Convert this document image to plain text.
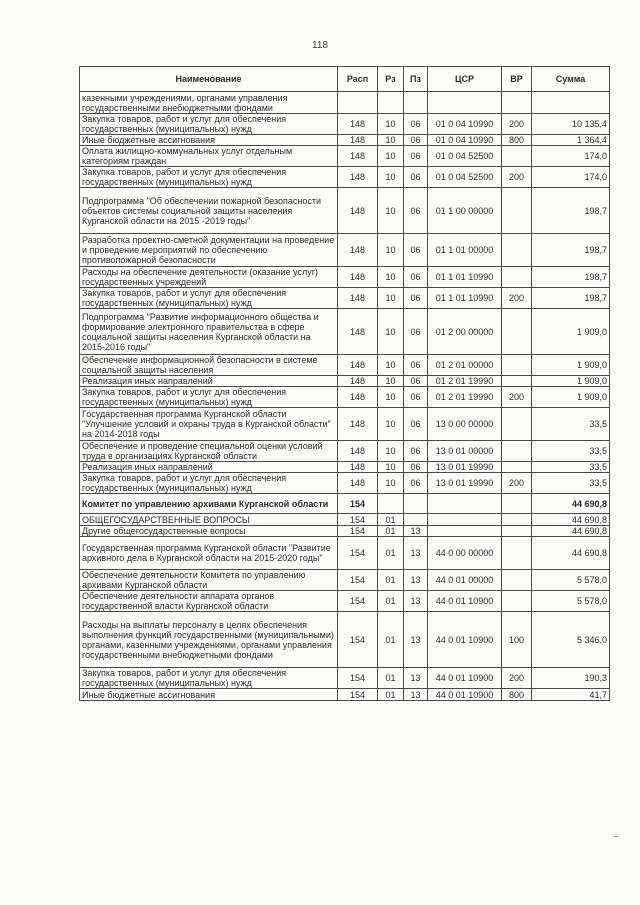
118
Наименование	Расп	Рз	Пз	ЦСР	ВР	Сумма
казенными учреждениями, органами управления государственными внебюджетными фондами						
Закупка товаров, работ и услуг для обеспечения государственных (муниципальных) нужд	148	10	06	01 0 04 10990	200	10 135,4
Иные бюджетные ассигнования	148	10	06	01 0 04 10990	800	1 364,4
Оплата жилищно-коммунальных услуг отдельным категориям граждан	148	10	06	01 0 04 52500		174,0
Закупка товаров, работ и услуг для обеспечения государственных (муниципальных) нужд	148	10	06	01 0 04 52500	200	174,0
Подпрограмма "Об обеспечении пожарной безопасности объектов системы социальной защиты населения Курганской области на 2015 -2019 годы"	148	10	06	01 1 00 00000		198,7
Разработка проектно-сметной документации на проведение и проведение мероприятий по обеспечению противопожарной безопасности	148	10	06	01 1 01 00000		198,7
Расходы на обеспечение деятельности (оказание услуг) государственных учреждений	148	10	06	01 1 01 10990		198,7
Закупка товаров, работ и услуг для обеспечения государственных (муниципальных) нужд	148	10	06	01 1 01 10990	200	198,7
Подпрограмма "Развитие информационного общества и формирование электронного правительства в сфере социальной защиты населения Курганской области на 2015-2016 годы"	148	10	06	01 2 00 00000		1 909,0
Обеспечение информационной безопасности в системе социальной защиты населения	148	10	06	01 2 01 00000		1 909,0
Реализация иных направлений	148	10	06	01 2 01 19990		1 909,0
Закупка товаров, работ и услуг для обеспечения государственных (муниципальных) нужд	148	10	06	01 2 01 19990	200	1 909,0
Государственная программа Курганской области "Улучшение условий и охраны труда в Курганской области" на 2014-2018 годы	148	10	06	13 0 00 00000		33,5
Обеспечение и проведение специальной оценки условий труда в организациях Курганской области	148	10	06	13 0 01 00000		33,5
Реализация иных направлений	148	10	06	13 0 01 19990		33,5
Закупка товаров, работ и услуг для обеспечения государственных (муниципальных) нужд	148	10	06	13 0 01 19990	200	33,5
Комитет по управлению архивами Курганской области	154					44 690,8
ОБЩЕГОСУДАРСТВЕННЫЕ ВОПРОСЫ	154	01				44 690,8
Другие общегосударственные вопросы	154	01	13			44 690,8
Государственная программа Курганской области "Развитие архивного дела в Курганской области на 2015-2020 годы"	154	01	13	44 0 00 00000		44 690,8
Обеспечение деятельности Комитета по управлению архивами Курганской области	154	01	13	44 0 01 00000		5 578,0
Обеспечение деятельности аппарата органов государственной власти Курганской области	154	01	13	44 0 01 10900		5 578,0
Расходы на выплаты персоналу в целях обеспечения выполнения функций государственными (муниципальными) органами, казенными учреждениями, органами управления государственными внебюджетными фондами	154	01	13	44 0 01 10900	100	5 346,0
Закупка товаров, работ и услуг для обеспечения государственных (муниципальных) нужд	154	01	13	44 0 01 10900	200	190,3
Иные бюджетные ассигнования	154	01	13	44 0 01 10900	800	41,7
